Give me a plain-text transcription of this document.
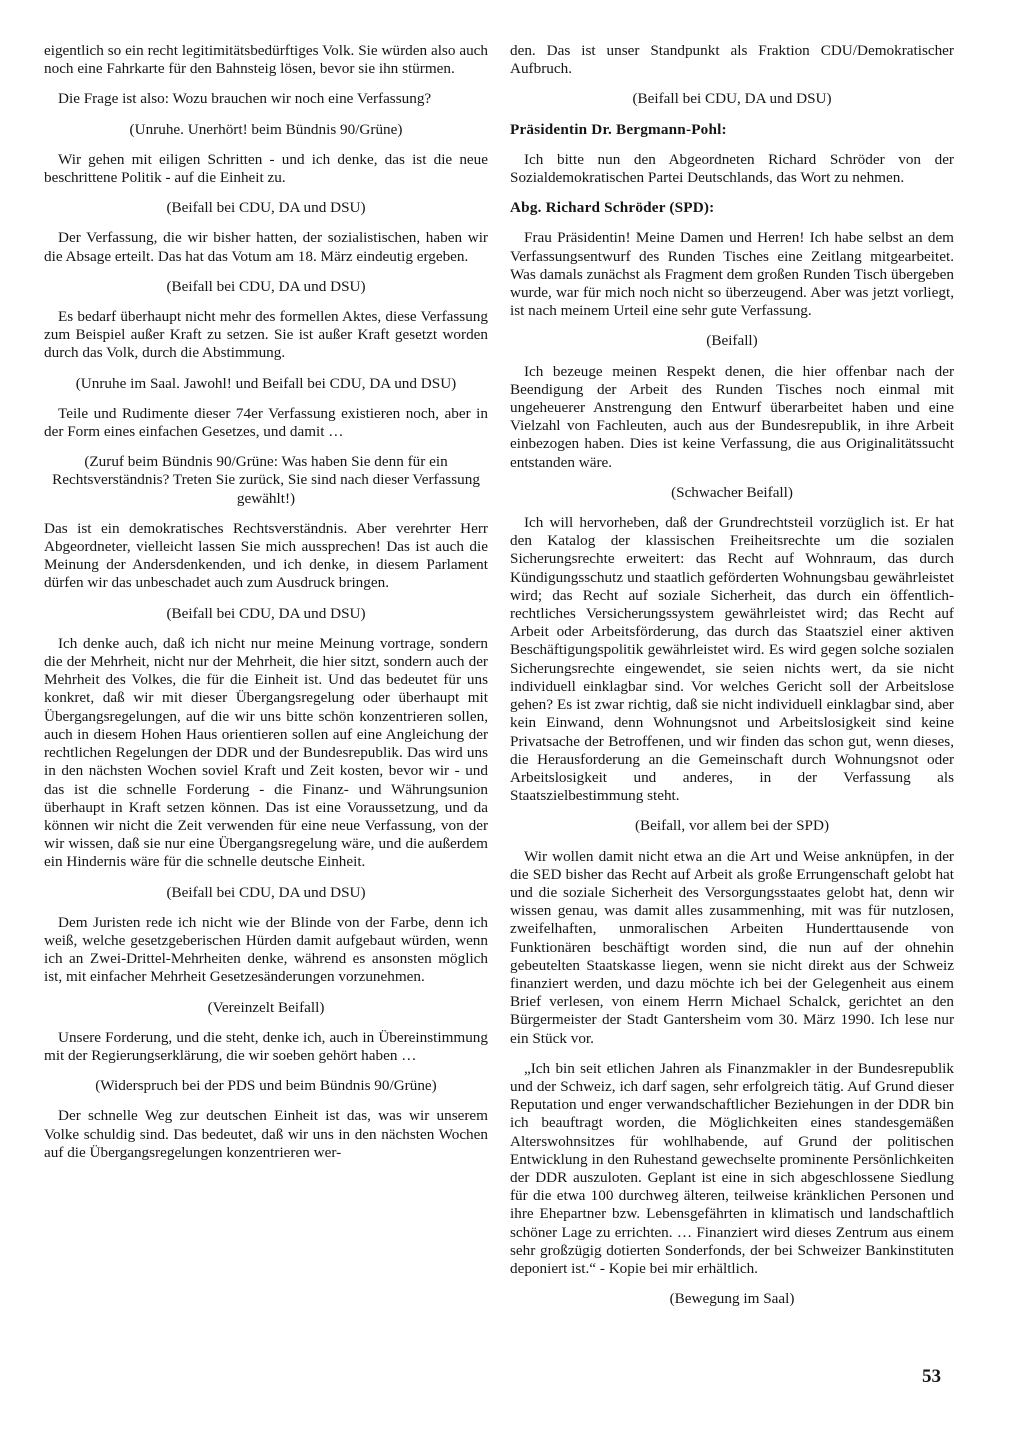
eigentlich so ein recht legitimitätsbedürftiges Volk. Sie würden also auch noch eine Fahrkarte für den Bahnsteig lösen, bevor sie ihn stürmen.

Die Frage ist also: Wozu brauchen wir noch eine Verfassung?

(Unruhe. Unerhört! beim Bündnis 90/Grüne)

Wir gehen mit eiligen Schritten - und ich denke, das ist die neue beschrittene Politik - auf die Einheit zu.

(Beifall bei CDU, DA und DSU)

Der Verfassung, die wir bisher hatten, der sozialistischen, haben wir die Absage erteilt. Das hat das Votum am 18. März eindeutig ergeben.

(Beifall bei CDU, DA und DSU)

Es bedarf überhaupt nicht mehr des formellen Aktes, diese Verfassung zum Beispiel außer Kraft zu setzen. Sie ist außer Kraft gesetzt worden durch das Volk, durch die Abstimmung.

(Unruhe im Saal. Jawohl! und Beifall bei CDU, DA und DSU)

Teile und Rudimente dieser 74er Verfassung existieren noch, aber in der Form eines einfachen Gesetzes, und damit …

(Zuruf beim Bündnis 90/Grüne: Was haben Sie denn für ein Rechtsverständnis? Treten Sie zurück, Sie sind nach dieser Verfassung gewählt!)

Das ist ein demokratisches Rechtsverständnis. Aber verehrter Herr Abgeordneter, vielleicht lassen Sie mich aussprechen! Das ist auch die Meinung der Andersdenkenden, und ich denke, in diesem Parlament dürfen wir das unbeschadet auch zum Ausdruck bringen.

(Beifall bei CDU, DA und DSU)

Ich denke auch, daß ich nicht nur meine Meinung vortrage, sondern die der Mehrheit, nicht nur der Mehrheit, die hier sitzt, sondern auch der Mehrheit des Volkes, die für die Einheit ist. Und das bedeutet für uns konkret, daß wir mit dieser Übergangsregelung oder überhaupt mit Übergangsregelungen, auf die wir uns bitte schön konzentrieren sollen, auch in diesem Hohen Haus orientieren sollen auf eine Angleichung der rechtlichen Regelungen der DDR und der Bundesrepublik. Das wird uns in den nächsten Wochen soviel Kraft und Zeit kosten, bevor wir - und das ist die schnelle Forderung - die Finanz- und Währungsunion überhaupt in Kraft setzen können. Das ist eine Voraussetzung, und da können wir nicht die Zeit verwenden für eine neue Verfassung, von der wir wissen, daß sie nur eine Übergangsregelung wäre, und die außerdem ein Hindernis wäre für die schnelle deutsche Einheit.

(Beifall bei CDU, DA und DSU)

Dem Juristen rede ich nicht wie der Blinde von der Farbe, denn ich weiß, welche gesetzgeberischen Hürden damit aufgebaut würden, wenn ich an Zwei-Drittel-Mehrheiten denke, während es ansonsten möglich ist, mit einfacher Mehrheit Gesetzesänderungen vorzunehmen.

(Vereinzelt Beifall)

Unsere Forderung, und die steht, denke ich, auch in Übereinstimmung mit der Regierungserklärung, die wir soeben gehört haben …

(Widerspruch bei der PDS und beim Bündnis 90/Grüne)

Der schnelle Weg zur deutschen Einheit ist das, was wir unserem Volke schuldig sind. Das bedeutet, daß wir uns in den nächsten Wochen auf die Übergangsregelungen konzentrieren wer-

den. Das ist unser Standpunkt als Fraktion CDU/Demokratischer Aufbruch.

(Beifall bei CDU, DA und DSU)
Präsidentin Dr. Bergmann-Pohl:

Ich bitte nun den Abgeordneten Richard Schröder von der Sozialdemokratischen Partei Deutschlands, das Wort zu nehmen.

Abg. Richard Schröder (SPD):

Frau Präsidentin! Meine Damen und Herren! Ich habe selbst an dem Verfassungsentwurf des Runden Tisches eine Zeitlang mitgearbeitet. Was damals zunächst als Fragment dem großen Runden Tisch übergeben wurde, war für mich noch nicht so überzeugend. Aber was jetzt vorliegt, ist nach meinem Urteil eine sehr gute Verfassung.

(Beifall)

Ich bezeuge meinen Respekt denen, die hier offenbar nach der Beendigung der Arbeit des Runden Tisches noch einmal mit ungeheuerer Anstrengung den Entwurf überarbeitet haben und eine Vielzahl von Fachleuten, auch aus der Bundesrepublik, in ihre Arbeit einbezogen haben. Dies ist keine Verfassung, die aus Originalitätssucht entstanden wäre.

(Schwacher Beifall)

Ich will hervorheben, daß der Grundrechtsteil vorzüglich ist. Er hat den Katalog der klassischen Freiheitsrechte um die sozialen Sicherungsrechte erweitert: das Recht auf Wohnraum, das durch Kündigungsschutz und staatlich geförderten Wohnungsbau gewährleistet wird; das Recht auf soziale Sicherheit, das durch ein öffentlich-rechtliches Versicherungssystem gewährleistet wird; das Recht auf Arbeit oder Arbeitsförderung, das durch das Staatsziel einer aktiven Beschäftigungspolitik gewährleistet wird. Es wird gegen solche sozialen Sicherungsrechte eingewendet, sie seien nichts wert, da sie nicht individuell einklagbar sind. Vor welches Gericht soll der Arbeitslose gehen? Es ist zwar richtig, daß sie nicht individuell einklagbar sind, aber kein Einwand, denn Wohnungsnot und Arbeitslosigkeit sind keine Privatsache der Betroffenen, und wir finden das schon gut, wenn dieses, die Herausforderung an die Gemeinschaft durch Wohnungsnot oder Arbeitslosigkeit und anderes, in der Verfassung als Staatszielbestimmung steht.

(Beifall, vor allem bei der SPD)

Wir wollen damit nicht etwa an die Art und Weise anknüpfen, in der die SED bisher das Recht auf Arbeit als große Errungenschaft gelobt hat und die soziale Sicherheit des Versorgungsstaates gelobt hat, denn wir wissen genau, was damit alles zusammenhing, mit was für nutzlosen, zweifelhaften, unmoralischen Arbeiten Hunderttausende von Funktionären beschäftigt worden sind, die nun auf der ohnehin gebeutelten Staatskasse liegen, wenn sie nicht direkt aus der Schweiz finanziert werden, und dazu möchte ich bei der Gelegenheit aus einem Brief verlesen, von einem Herrn Michael Schalck, gerichtet an den Bürgermeister der Stadt Gantersheim vom 30. März 1990. Ich lese nur ein Stück vor.

„Ich bin seit etlichen Jahren als Finanzmakler in der Bundesrepublik und der Schweiz, ich darf sagen, sehr erfolgreich tätig. Auf Grund dieser Reputation und enger verwandschaftlicher Beziehungen in der DDR bin ich beauftragt worden, die Möglichkeiten eines standesgemäßen Alterswohnsitzes für wohlhabende, auf Grund der politischen Entwicklung in den Ruhestand gewechselte prominente Persönlichkeiten der DDR auszuloten. Geplant ist eine in sich abgeschlossene Siedlung für die etwa 100 durchweg älteren, teilweise kränklichen Personen und ihre Ehepartner bzw. Lebensgefährten in klimatisch und landschaftlich schöner Lage zu errichten. … Finanziert wird dieses Zentrum aus einem sehr großzügig dotierten Sonderfonds, der bei Schweizer Bankinstituten deponiert ist.“ - Kopie bei mir erhältlich.

(Bewegung im Saal)
53
